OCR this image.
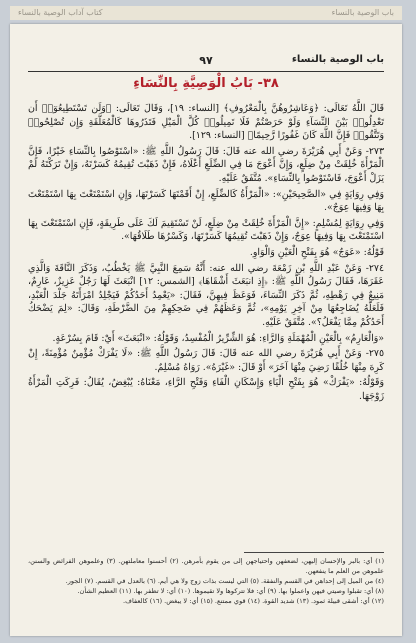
كتاب آداب الوصية بالنساء	باب الوصية بالنساء
باب الوصية بالنساء
٩٧
٣٨- بَابُ الْوَصِيَّةِ بِالنِّسَاءِ

قَالَ اللَّهُ تَعَالَى: ﴿وَعَاشِرُوهُنَّ بِالْمَعْرُوفِ﴾ [النساء: ١٩]، وَقَالَ تَعَالَى: ﴿وَلَن تَسْتَطِيعُوٓا۟ أَن تَعْدِلُوا۟ بَيْنَ النِّسَآءِ وَلَوْ حَرَصْتُمْ فَلَا تَمِيلُوا۟ كُلَّ الْمَيْلِ فَتَذَرُوهَا كَالْمُعَلَّقَةِ وَإِن تُصْلِحُوا۟ وَتَتَّقُوا۟ فَإِنَّ اللَّهَ كَانَ غَفُورًا رَّحِيمًا﴾ [النساء: ١٢٩].

٢٧٣- وَعَنْ أَبِي هُرَيْرَةَ رضي الله عنه قَالَ: قَالَ رَسُولُ اللَّهِ ﷺ: «اسْتَوْصُوا بِالنِّسَاءِ خَيْرًا، فَإِنَّ الْمَرْأَةَ خُلِقَتْ مِنْ ضِلَعٍ، وَإِنَّ أَعْوَجَ مَا فِي الضِّلَعِ أَعْلَاهُ، فَإِنْ ذَهَبْتَ تُقِيمُهُ كَسَرْتَهُ، وَإِنْ تَرَكْتَهُ لَمْ يَزَلْ أَعْوَجَ، فَاسْتَوْصُوا بِالنِّسَاءِ». مُتَّفَقٌ عَلَيْهِ.

وَفِي رِوَايَةٍ فِي «الصَّحِيحَيْنِ»: «الْمَرْأَةُ كَالضِّلَعِ، إِنْ أَقَمْتَهَا كَسَرْتَهَا، وَإِنِ اسْتَمْتَعْتَ بِهَا اسْتَمْتَعْتَ بِهَا وَفِيهَا عِوَجٌ».

وَفِي رِوَايَةٍ لِمُسْلِمٍ: «إِنَّ الْمَرْأَةَ خُلِقَتْ مِنْ ضِلَعٍ، لَنْ تَسْتَقِيمَ لَكَ عَلَى طَرِيقَةٍ، فَإِنِ اسْتَمْتَعْتَ بِهَا اسْتَمْتَعْتَ بِهَا وَفِيهَا عِوَجٌ، وَإِنْ ذَهَبْتَ تُقِيمُهَا كَسَرْتَهَا، وَكَسْرُهَا طَلَاقُهَا».

قَوْلُهُ: «عَوَجٌ» هُوَ بِفَتْحِ الْعَيْنِ وَالْوَاوِ.

٢٧٤- وَعَنْ عَبْدِ اللَّهِ بْنِ زَمْعَةَ رضي الله عنه: أَنَّهُ سَمِعَ النَّبِيَّ ﷺ يَخْطُبُ، وَذَكَرَ النَّاقَةَ وَالَّذِي عَقَرَهَا، فَقَالَ رَسُولُ اللَّهِ ﷺ: ﴿إِذِ انبَعَثَ أَشْقَاهَا﴾ [الشمس: ١٢] انْبَعَثَ لَهَا رَجُلٌ عَزِيزٌ، عَارِمٌ، مَنِيعٌ فِي رَهْطِهِ، ثُمَّ ذَكَرَ النِّسَاءَ، فَوَعَظَ فِيهِنَّ، فَقَالَ: «يَعْمِدُ أَحَدُكُمْ فَيَجْلِدُ امْرَأَتَهُ جَلْدَ الْعَبْدِ، فَلَعَلَّهُ يُضَاجِعُهَا مِنْ آخِرِ يَوْمِهِ»، ثُمَّ وَعَظَهُمْ فِي ضَحِكِهِمْ مِنَ الضَّرْطَةِ، وَقَالَ: «لِمَ يَضْحَكُ أَحَدُكُمْ مِمَّا يَفْعَلُ؟». مُتَّفَقٌ عَلَيْهِ.

«وَالْعَارِمُ» بِالْعَيْنِ الْمُهْمَلَةِ وَالرَّاءِ: هُوَ الشِّرِّيرُ الْمُفْسِدُ، وَقَوْلُهُ: «انْبَعَثَ» أَيْ: قَامَ بِسُرْعَةٍ.

٢٧٥- وَعَنْ أَبِي هُرَيْرَةَ رضي الله عنه قَالَ: قَالَ رَسُولُ اللَّهِ ﷺ: «لَا يَفْرَكْ مُؤْمِنٌ مُؤْمِنَةً، إِنْ كَرِهَ مِنْهَا خُلُقًا رَضِيَ مِنْهَا آخَرَ» أَوْ قَالَ: «غَيْرَهُ». رَوَاهُ مُسْلِمٌ.

وَقَوْلُهُ: «يَفْرَكْ» هُوَ بِفَتْحِ الْيَاءِ وَإِسْكَانِ الْفَاءِ وَفَتْحِ الرَّاءِ، مَعْنَاهُ: يُبْغِضُ، يُقَالُ: فَرِكَتِ الْمَرْأَةُ زَوْجَهَا.

(١) أي: بالبر والإحسان إليهن، لضعفهن واحتياجهن إلى من يقوم بأمرهن. (٢) أحسنوا معاملتهن. (٣) وعلموهن الفرائض والسنن، علموهن من العلم ما ينفعهن.

(٤) من الميل إلى إحداهن في القسم والنفقة. (٥) التي ليست بذات زوج ولا هي أيم. (٦) بالعدل في القسم. (٧) الجور.

(٨) أي: تقبلوا وصيتي فيهن واعملوا بها. (٩) أي: فلا تتركوها ولا تقيموها. (١٠) أي: لا تظفر بها. (١١) العظيم الشأن.

(١٢) أي: أشقى قبيلة ثمود. (١٣) شديد القوة. (١٤) قوي ممتنع. (١٥) أي: لا يبغض. (١٦) كالعفاف.
